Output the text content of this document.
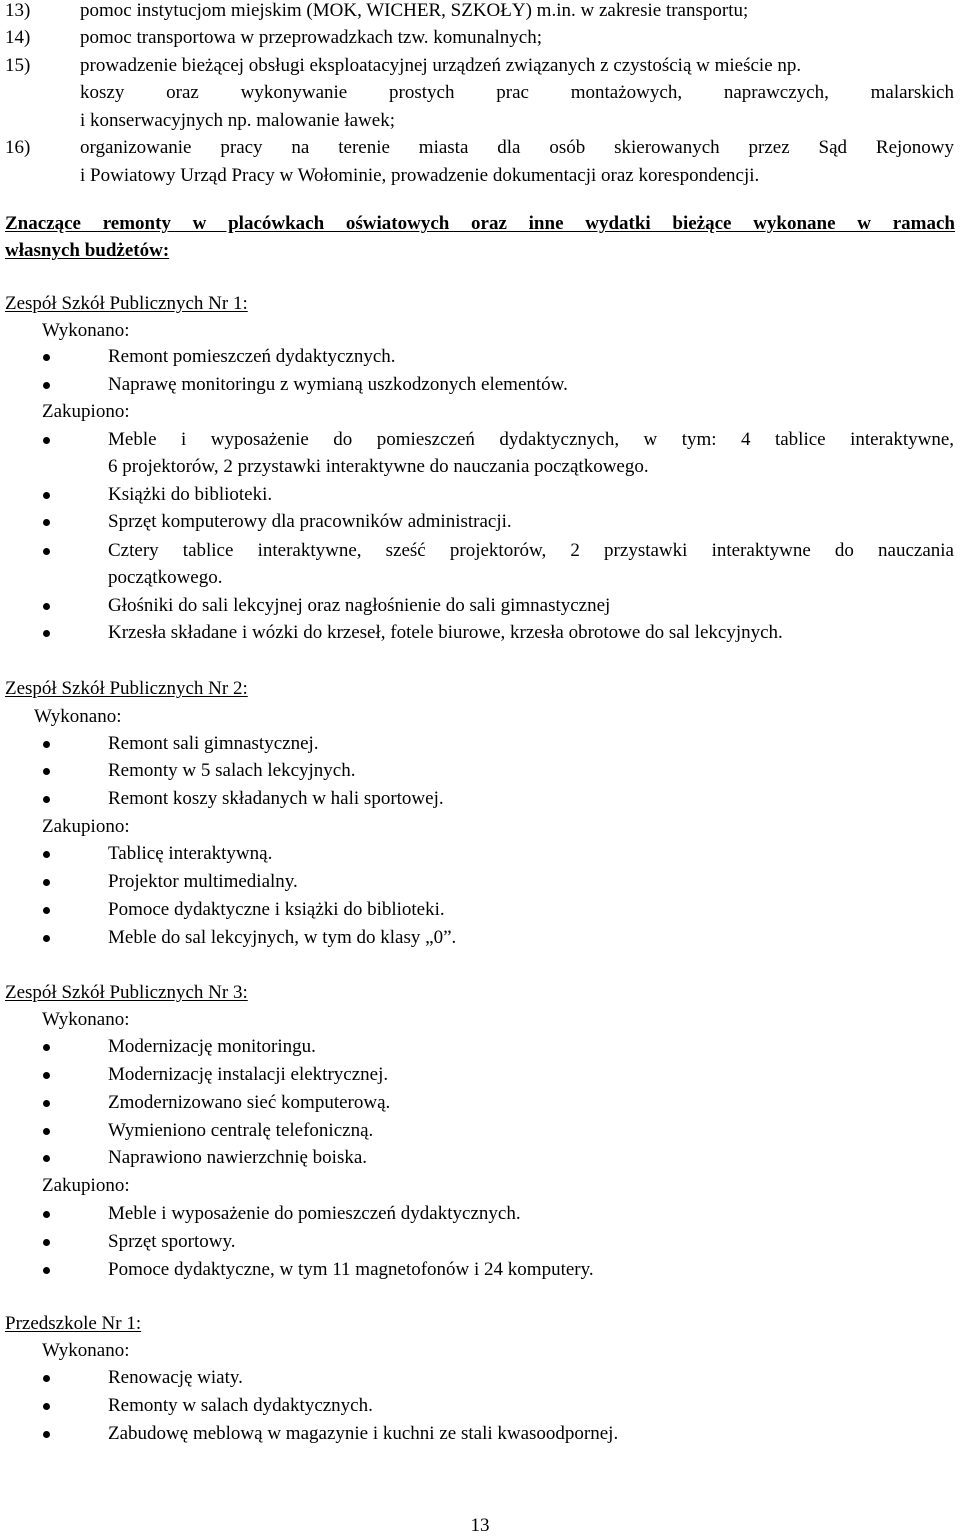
13)	pomoc instytucjom miejskim (MOK, WICHER, SZKOŁY) m.in. w zakresie transportu;
14)	pomoc transportowa w przeprowadzkach tzw. komunalnych;
15)	prowadzenie bieżącej obsługi eksploatacyjnej urządzeń związanych z czystością w mieście np.
koszy oraz wykonywanie prostych prac montażowych, naprawczych, malarskich
i konserwacyjnych np. malowanie ławek;
16)	organizowanie pracy na terenie miasta dla osób skierowanych przez Sąd Rejonowy
i Powiatowy Urząd Pracy w Wołominie, prowadzenie dokumentacji oraz korespondencji.
Znaczące remonty w placówkach oświatowych oraz inne wydatki bieżące wykonane w ramach
własnych budżetów:
Zespół Szkół Publicznych Nr 1:
Wykonano:
Remont pomieszczeń dydaktycznych.
Naprawę monitoringu z wymianą uszkodzonych elementów.
Zakupiono:
Meble i wyposażenie do pomieszczeń dydaktycznych, w tym: 4 tablice interaktywne,
6 projektorów, 2 przystawki interaktywne do nauczania początkowego.
Książki do biblioteki.
Sprzęt komputerowy dla pracowników administracji.
Cztery tablice interaktywne, sześć projektorów, 2 przystawki interaktywne do nauczania
początkowego.
Głośniki do sali lekcyjnej oraz nagłośnienie do sali gimnastycznej
Krzesła składane i wózki do krzeseł, fotele biurowe, krzesła obrotowe do sal lekcyjnych.
Zespół Szkół Publicznych Nr 2:
Wykonano:
Remont sali gimnastycznej.
Remonty w 5 salach lekcyjnych.
Remont koszy składanych w hali sportowej.
Zakupiono:
Tablicę interaktywną.
Projektor multimedialny.
Pomoce dydaktyczne i książki do biblioteki.
Meble do sal lekcyjnych, w tym do klasy „0”.
Zespół Szkół Publicznych Nr 3:
Wykonano:
Modernizację monitoringu.
Modernizację instalacji elektrycznej.
Zmodernizowano sieć komputerową.
Wymieniono centralę telefoniczną.
Naprawiono nawierzchnię boiska.
Zakupiono:
Meble i wyposażenie do pomieszczeń dydaktycznych.
Sprzęt sportowy.
Pomoce dydaktyczne, w tym 11 magnetofonów i 24 komputery.
Przedszkole Nr 1:
Wykonano:
Renowację wiaty.
Remonty w salach dydaktycznych.
Zabudowę meblową w magazynie i kuchni ze stali kwasoodpornej.
13
